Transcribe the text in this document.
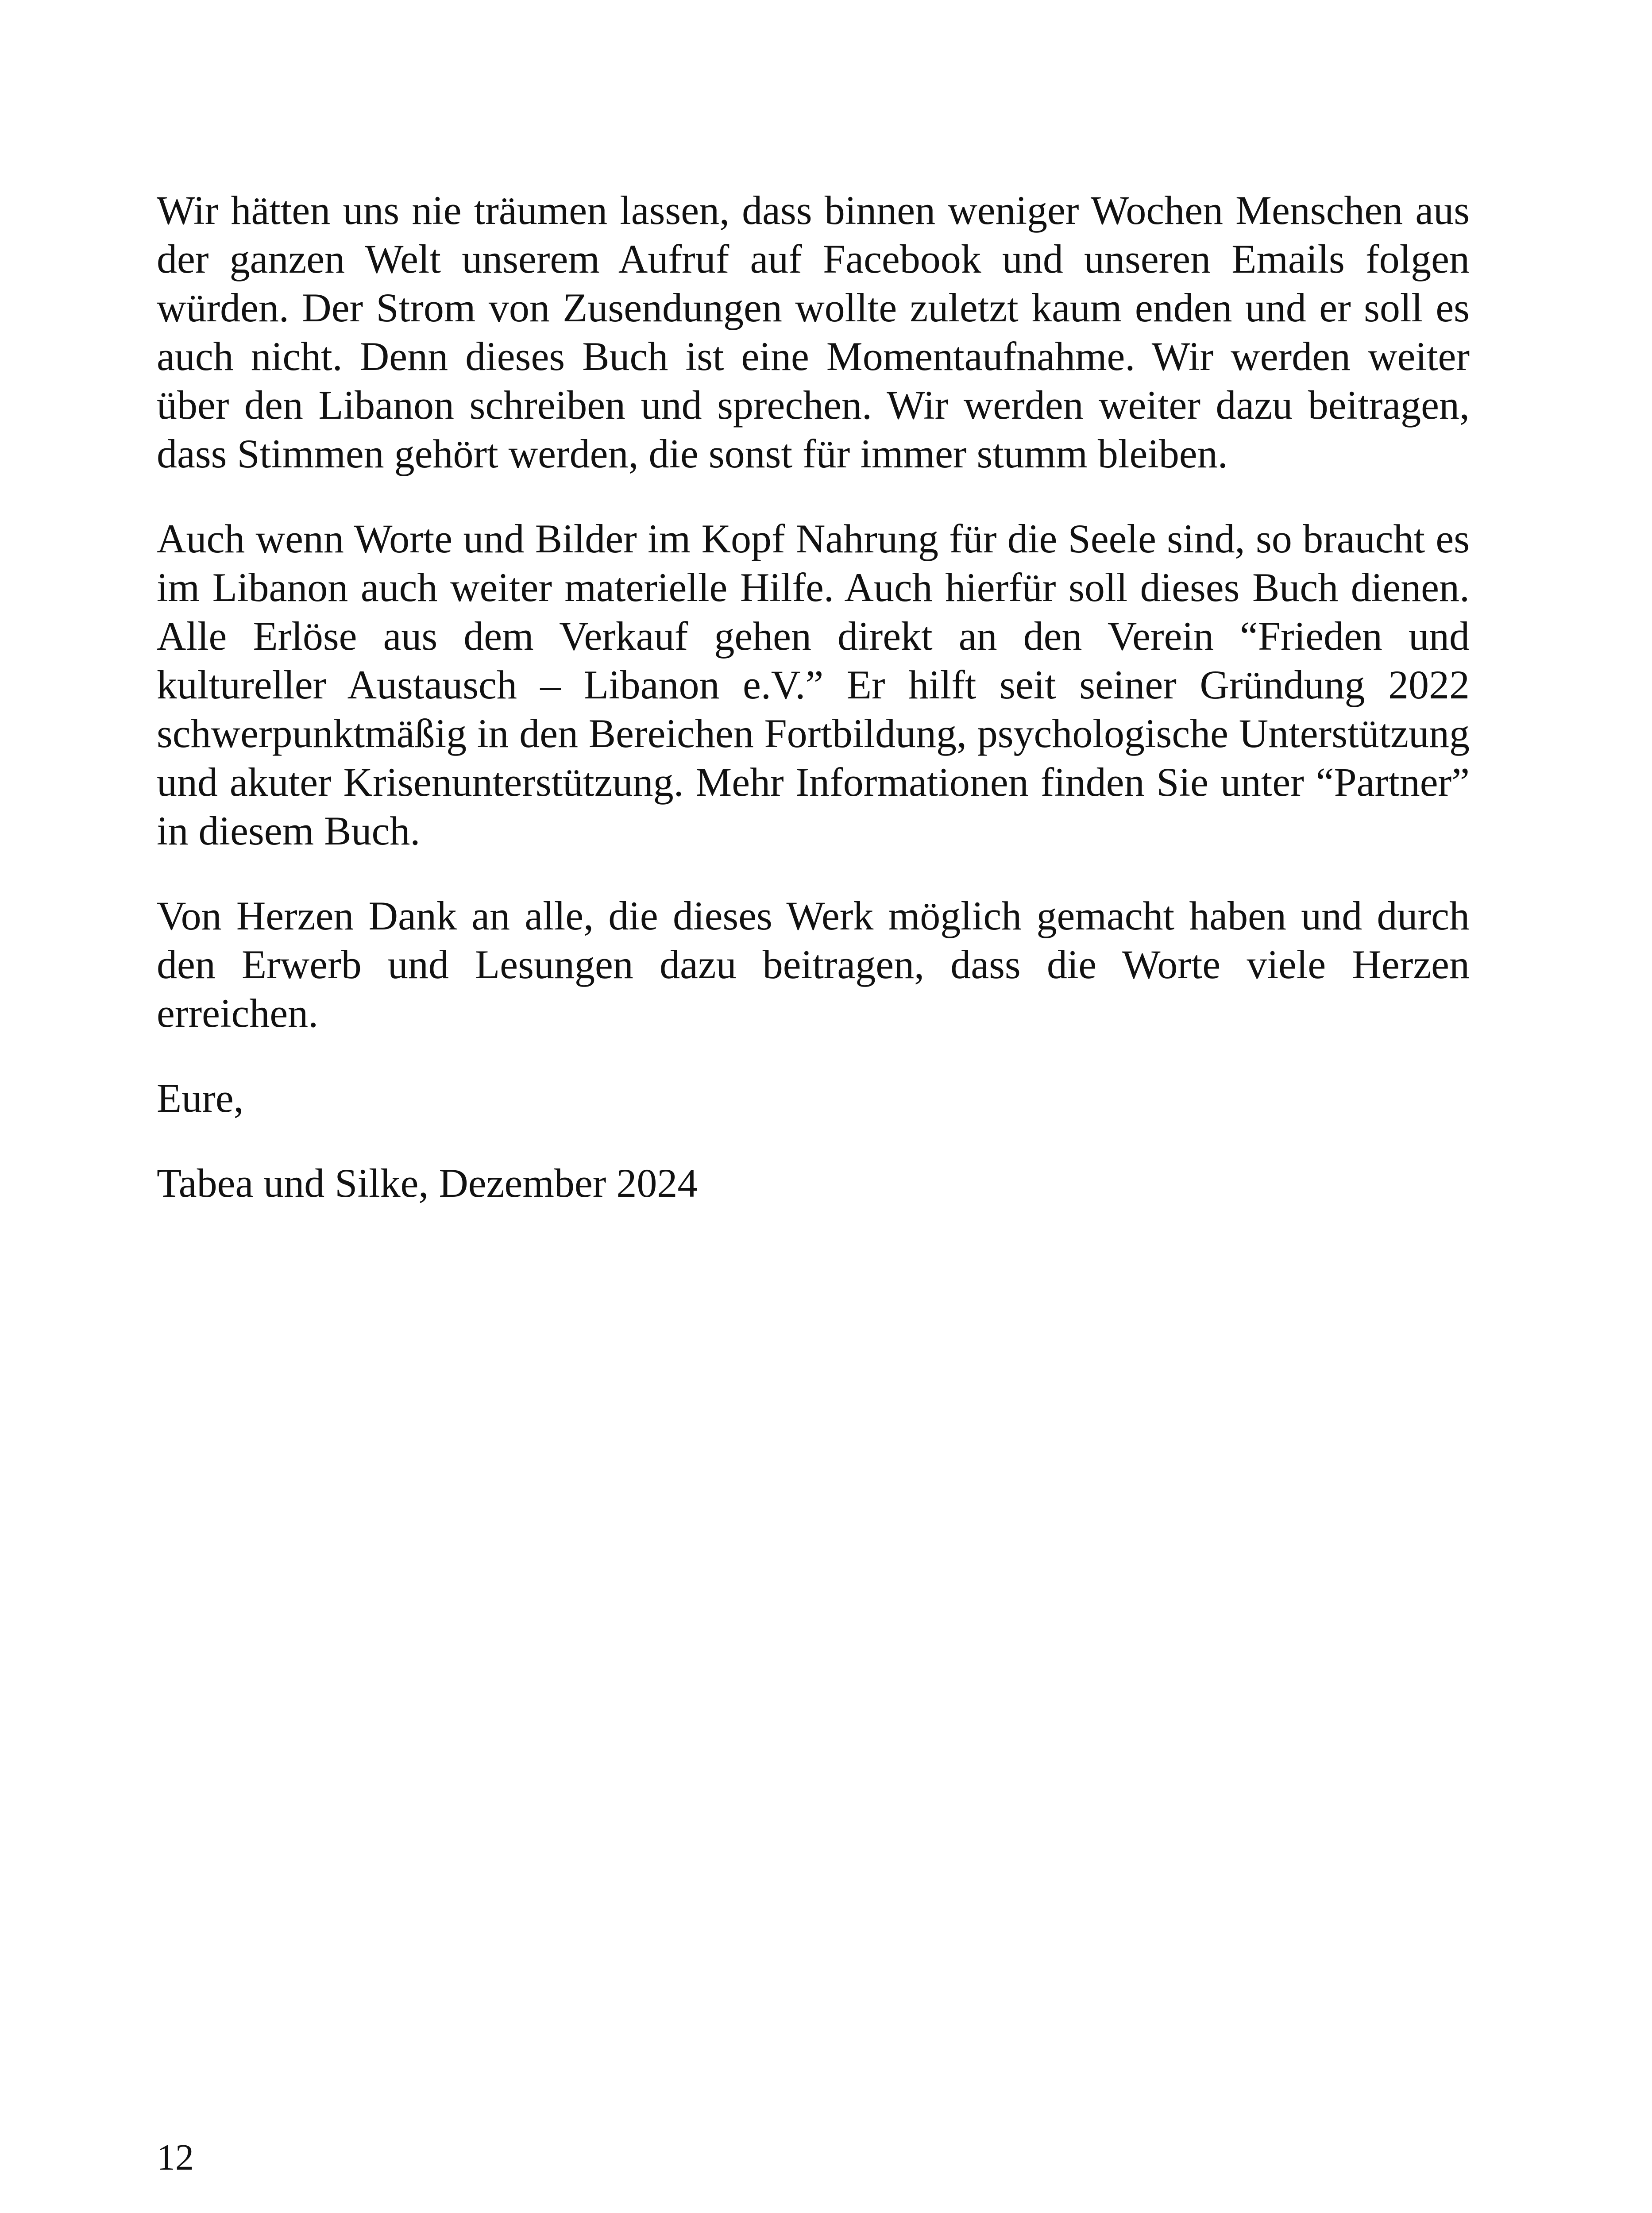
Wir hätten uns nie träumen lassen, dass binnen weniger Wochen Menschen aus der ganzen Welt unserem Aufruf auf Facebook und unseren Emails folgen würden. Der Strom von Zusendungen wollte zuletzt kaum enden und er soll es auch nicht. Denn dieses Buch ist eine Momentaufnahme. Wir werden weiter über den Libanon schreiben und sprechen. Wir werden weiter dazu beitragen, dass Stimmen gehört werden, die sonst für immer stumm bleiben.

Auch wenn Worte und Bilder im Kopf Nahrung für die Seele sind, so braucht es im Libanon auch weiter materielle Hilfe. Auch hierfür soll dieses Buch dienen. Alle Erlöse aus dem Verkauf gehen direkt an den Verein “Frieden und kultureller Austausch – Libanon e.V.” Er hilft seit seiner Gründung 2022 schwerpunktmäßig in den Bereichen Fortbildung, psychologische Unterstützung und akuter Krisenunterstützung. Mehr Informationen finden Sie unter “Partner” in diesem Buch.

Von Herzen Dank an alle, die dieses Werk möglich gemacht haben und durch den Erwerb und Lesungen dazu beitragen, dass die Worte viele Herzen erreichen.

Eure,

Tabea und Silke, Dezember 2024

12
